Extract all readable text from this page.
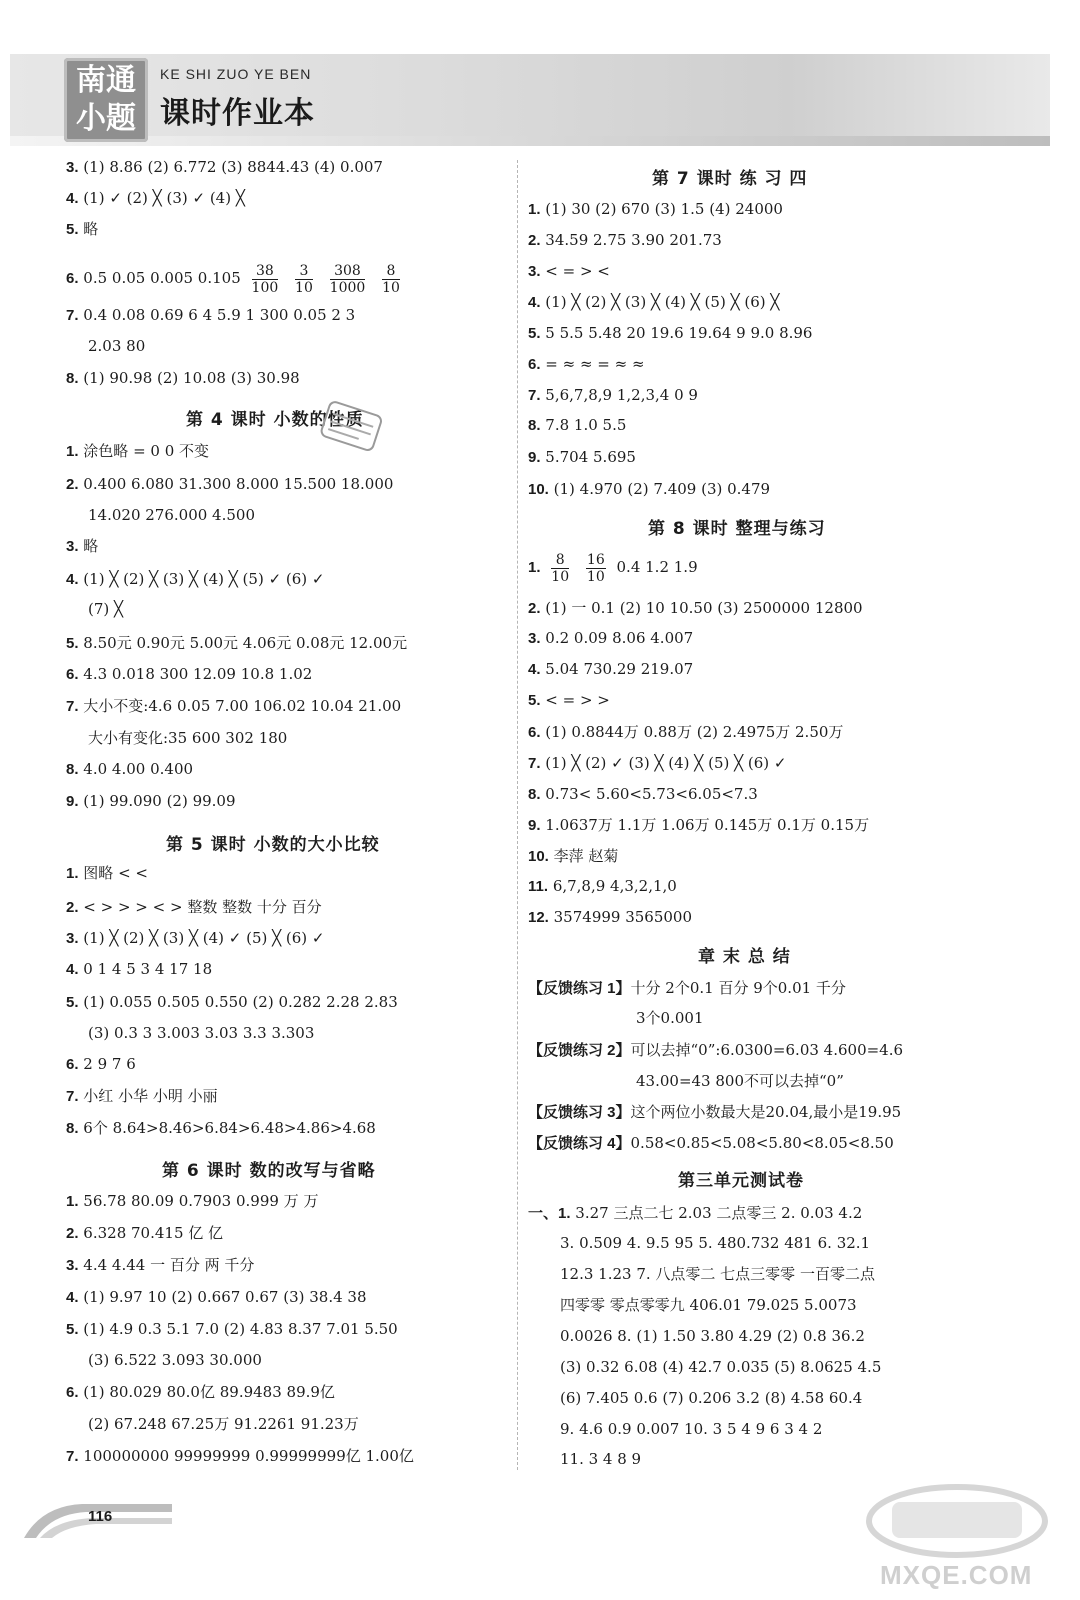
南通
小题
KE SHI ZUO YE BEN
课时作业本
3. (1) 8.86 (2) 6.772 (3) 8844.43 (4) 0.007
4. (1) ✓ (2) ╳ (3) ✓ (4) ╳
5. 略
6. 0.5 0.05 0.005 $0.105 \frac{38}{100}$
$\frac{3}{10}$
$\frac{308}{1000}$
$\frac{8}{10}$
7. 0.4 0.08 0.69 6 4 5.9 1 300 0.05 2 3
2.03 80
8. (1) 90.98 (2) 10.08 (3) 30.98
第 4 课时 小数的性质
1. 涂色略 = 0 0 不变
2. 0.400 6.080 31.300 8.000 15.500 18.000
14.020 276.000 4.500
3. 略
4. (1) ╳ (2) ╳ (3) ╳ (4) ╳ (5) ✓ (6) ✓
(7) ╳
5. 8.50元 0.90元 5.00元 4.06元 0.08元 12.00元
6. 4.3 0.018 300 12.09 10.8 1.02
7. 大小不变:4.6 0.05 7.00 106.02 10.04 21.00
大小有变化:35 600 302 180
8. 4.0 4.00 0.400
9. (1) 99.090 (2) 99.09
第 5 课时 小数的大小比较
1. 图略 < <
2. < > > > < > 整数 整数 十分 百分
3. (1) ╳ (2) ╳ (3) ╳ (4) ✓ (5) ╳ (6) ✓
4. 0 1 4 5 3 4 17 18
5. (1) 0.055 0.505 0.550 (2) 0.282 2.28 2.83
(3) 0.3 3 3.003 3.03 3.3 3.303
6. 2 9 7 6
7. 小红 小华 小明 小丽
8. 6个 8.64>8.46>6.84>6.48>4.86>4.68
第 6 课时 数的改写与省略
1. 56.78 80.09 0.7903 0.999 万 万
2. 6.328 70.415 亿 亿
3. 4.4 4.44 一 百分 两 千分
4. (1) 9.97 10 (2) 0.667 0.67 (3) 38.4 38
5. (1) 4.9 0.3 5.1 7.0 (2) 4.83 8.37 7.01 5.50
(3) 6.522 3.093 30.000
6. (1) 80.029 80.0亿 89.9483 89.9亿
(2) 67.248 67.25万 91.2261 91.23万
7. 100000000 99999999 0.99999999亿 1.00亿
第 7 课时 练 习 四
1. (1) 30 (2) 670 (3) 1.5 (4) 24000
2. 34.59 2.75 3.90 201.73
3. < = > <
4. (1) ╳ (2) ╳ (3) ╳ (4) ╳ (5) ╳ (6) ╳
5. 5 5.5 5.48 20 19.6 19.64 9 9.0 8.96
6. = ≈ ≈ = ≈ ≈
7. 5,6,7,8,9 1,2,3,4 0 9
8. 7.8 1.0 5.5
9. 5.704 5.695
10. (1) 4.970 (2) 7.409 (3) 0.479
第 8 课时 整理与练习
1. $\frac{8}{10}$
$\frac{16}{10} 0.4$ 1.2 1.9
2. (1) 一 0.1 (2) 10 10.50 (3) 2500000 12800
3. 0.2 0.09 8.06 4.007
4. 5.04 730.29 219.07
5. < = > >
6. (1) 0.8844万 0.88万 (2) 2.4975万 2.50万
7. (1) ╳ (2) ✓ (3) ╳ (4) ╳ (5) ╳ (6) ✓
8. 0.73< 5.60<5.73<6.05<7.3
9. 1.0637万 1.1万 1.06万 0.145万 0.1万 0.15万
10. 李萍 赵菊
11. 6,7,8,9 4,3,2,1,0
12. 3574999 3565000
章 末 总 结
【反馈练习 1】十分 2个0.1 百分 9个0.01 千分
3个0.001
【反馈练习 2】可以去掉“0”:6.0300=6.03 4.600=4.6
43.00=43 800不可以去掉“0”
【反馈练习 3】这个两位小数最大是20.04,最小是19.95
【反馈练习 4】0.58<0.85<5.08<5.80<8.05<8.50
第三单元测试卷
一、1. 3.27 三点二七 2.03 二点零三 2. 0.03 4.2
3. 0.509 4. 9.5 95 5. 480.732 481 6. 32.1
12.3 1.23 7. 八点零二 七点三零零 一百零二点
四零零 零点零零九 406.01 79.025 5.0073
0.0026 8. (1) 1.50 3.80 4.29 (2) 0.8 36.2
(3) 0.32 6.08 (4) 42.7 0.035 (5) 8.0625 4.5
(6) 7.405 0.6 (7) 0.206 3.2 (8) 4.58 60.4
9. 4.6 0.9 0.007 10. 3 5 4 9 6 3 4 2
11. 3 4 8 9
116
MXQE.COM
